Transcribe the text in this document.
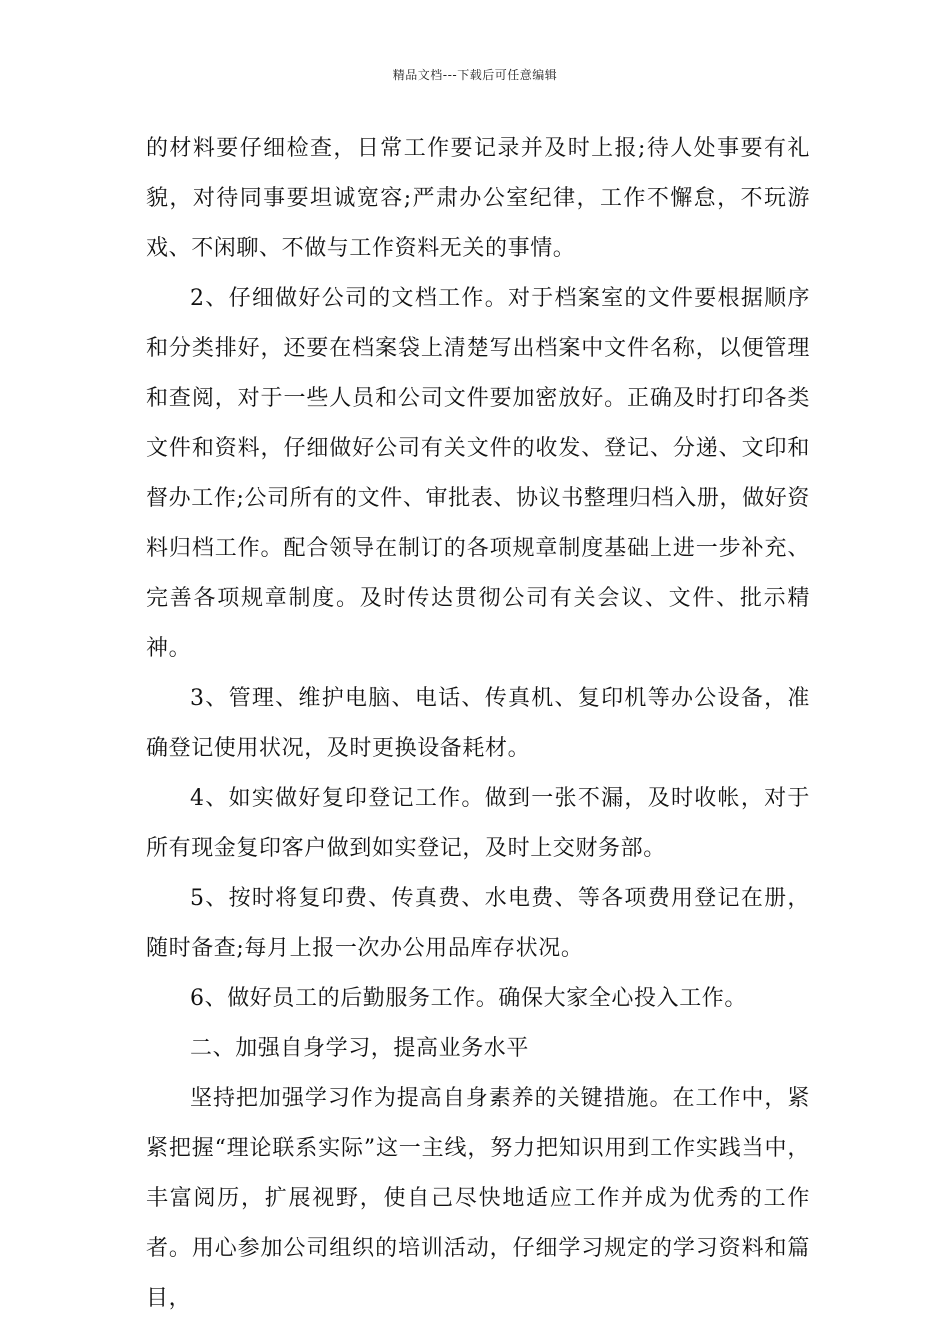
精品文档---下载后可任意编辑

的材料要仔细检查，日常工作要记录并及时上报;待人处事要有礼貌，对待同事要坦诚宽容;严肃办公室纪律，工作不懈怠，不玩游戏、不闲聊、不做与工作资料无关的事情。

2、仔细做好公司的文档工作。对于档案室的文件要根据顺序和分类排好，还要在档案袋上清楚写出档案中文件名称，以便管理和查阅，对于一些人员和公司文件要加密放好。正确及时打印各类文件和资料，仔细做好公司有关文件的收发、登记、分递、文印和督办工作;公司所有的文件、审批表、协议书整理归档入册，做好资料归档工作。配合领导在制订的各项规章制度基础上进一步补充、完善各项规章制度。及时传达贯彻公司有关会议、文件、批示精神。

3、管理、维护电脑、电话、传真机、复印机等办公设备，准确登记使用状况，及时更换设备耗材。

4、如实做好复印登记工作。做到一张不漏，及时收帐，对于所有现金复印客户做到如实登记，及时上交财务部。

5、按时将复印费、传真费、水电费、等各项费用登记在册，随时备查;每月上报一次办公用品库存状况。

6、做好员工的后勤服务工作。确保大家全心投入工作。

二、加强自身学习，提高业务水平

坚持把加强学习作为提高自身素养的关键措施。在工作中，紧紧把握“理论联系实际”这一主线，努力把知识用到工作实践当中，丰富阅历，扩展视野，使自己尽快地适应工作并成为优秀的工作者。用心参加公司组织的培训活动，仔细学习规定的学习资料和篇目，
